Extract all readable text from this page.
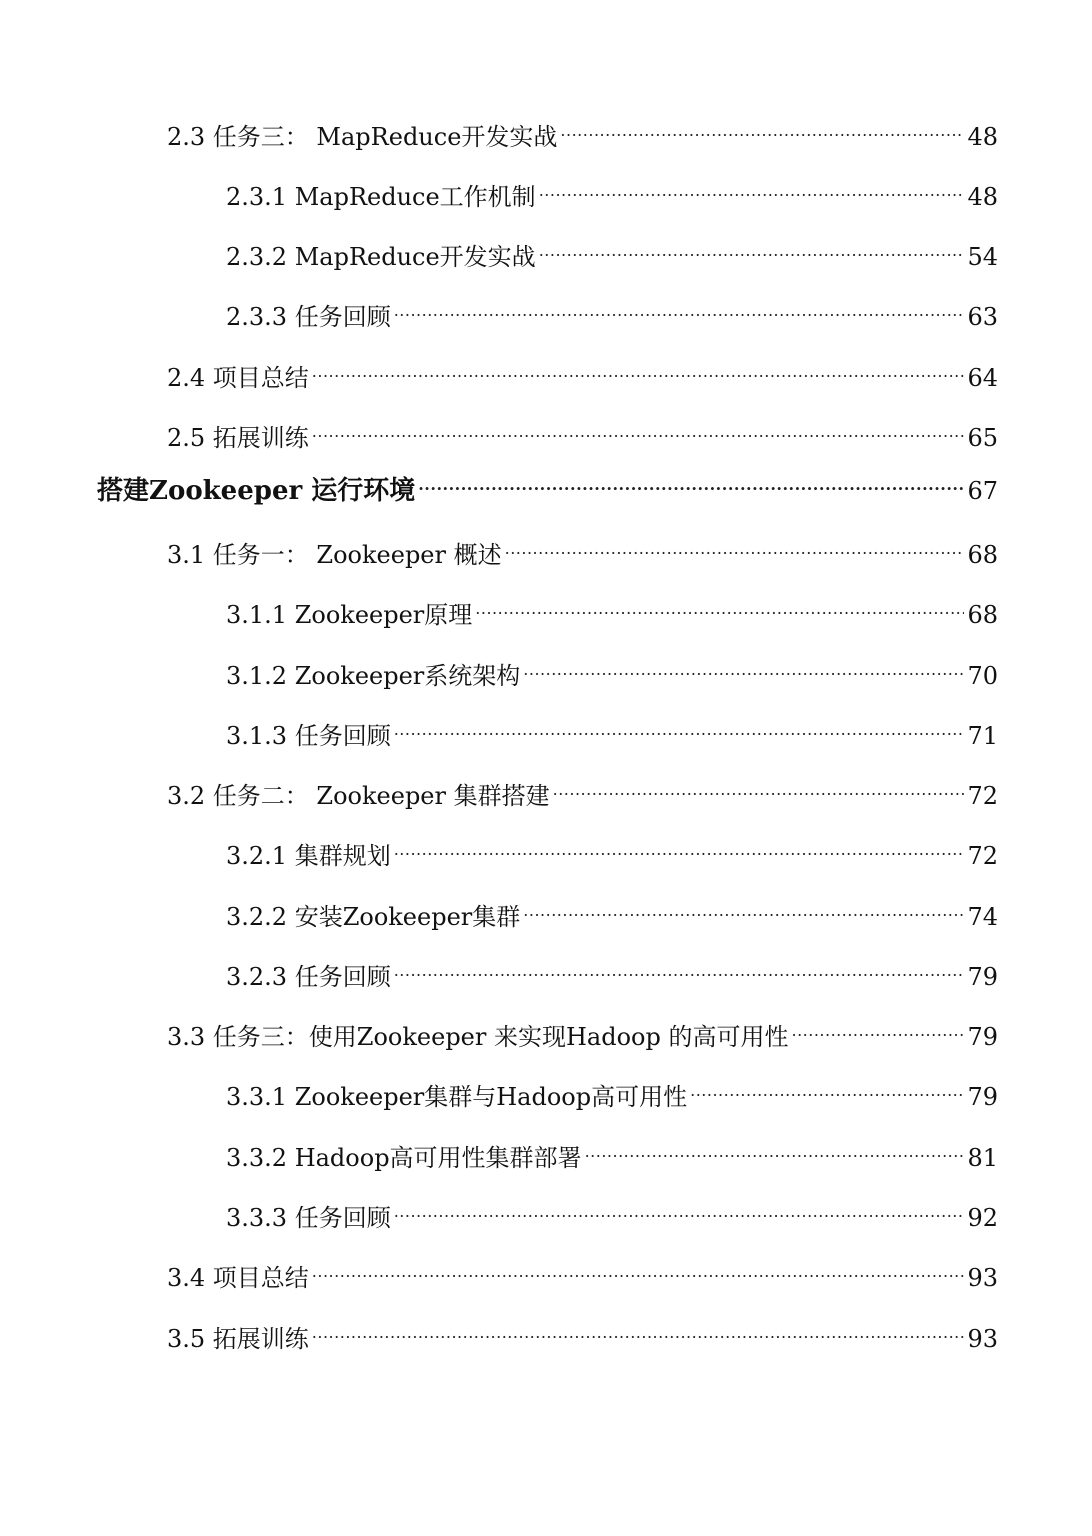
2.3 任务三： MapReduce开发实战 .....	48
2.3.1 MapReduce工作机制 .....	48
2.3.2 MapReduce开发实战 .....	54
2.3.3 任务回顾 .....	63
2.4 项目总结 .....	64
2.5 拓展训练 .....	65
搭建Zookeeper 运行环境 .....	67
3.1 任务一： Zookeeper 概述 .....	68
3.1.1 Zookeeper原理 .....	68
3.1.2 Zookeeper系统架构 .....	70
3.1.3 任务回顾 .....	71
3.2 任务二： Zookeeper 集群搭建 .....	72
3.2.1 集群规划 .....	72
3.2.2 安装Zookeeper集群 .....	74
3.2.3 任务回顾 .....	79
3.3 任务三：使用Zookeeper 来实现Hadoop 的高可用性 .....	79
3.3.1 Zookeeper集群与Hadoop高可用性 .....	79
3.3.2 Hadoop高可用性集群部署 .....	81
3.3.3 任务回顾 .....	92
3.4 项目总结 .....	93
3.5 拓展训练 .....	93
